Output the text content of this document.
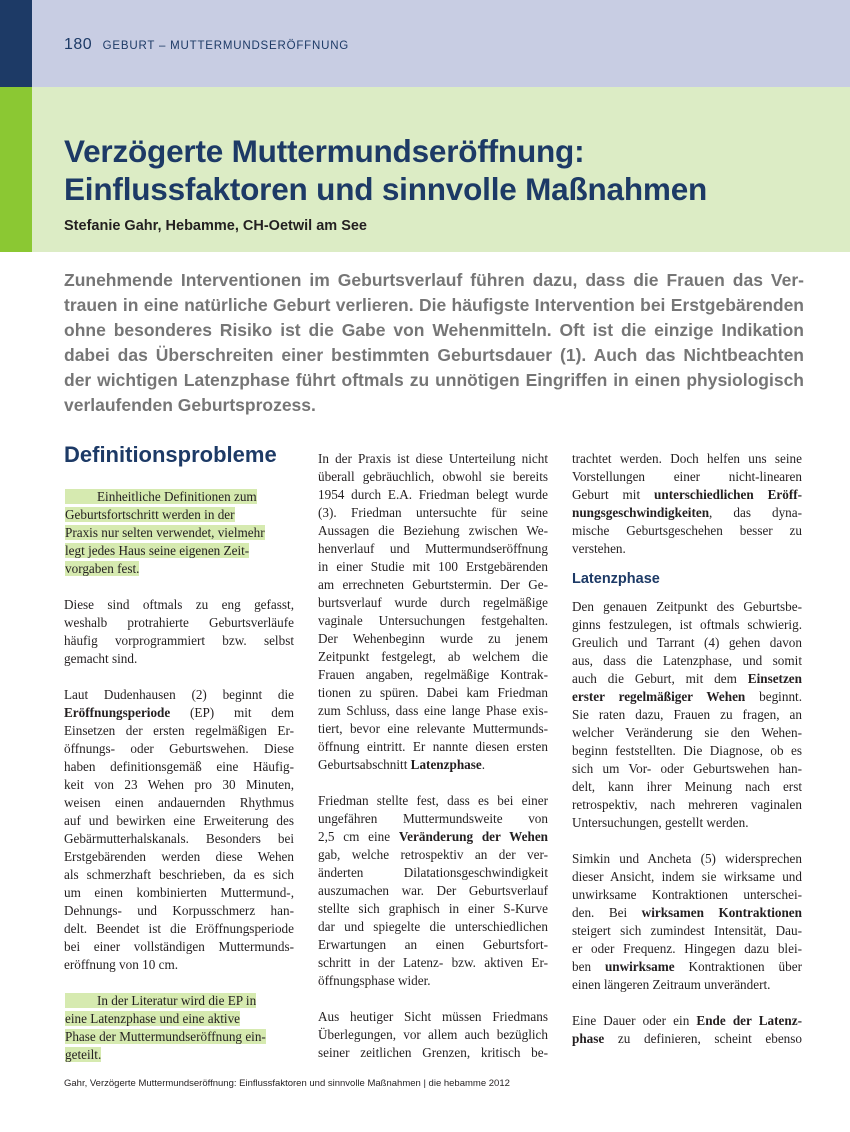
180 GEBURT – MUTTERMUNDSERÖFFNUNG
Verzögerte Muttermundseröffnung:
Einflussfaktoren und sinnvolle Maßnahmen
Stefanie Gahr, Hebamme, CH-Oetwil am See
Zunehmende Interventionen im Geburtsverlauf führen dazu, dass die Frauen das Ver-
trauen in eine natürliche Geburt verlieren. Die häufigste Intervention bei Erstgebärenden
ohne besonderes Risiko ist die Gabe von Wehenmitteln. Oft ist die einzige Indikation
dabei das Überschreiten einer bestimmten Geburtsdauer (1). Auch das Nichtbeachten
der wichtigen Latenzphase führt oftmals zu unnötigen Eingriffen in einen physiologisch
verlaufenden Geburtsprozess.
Definitionsprobleme
Einheitliche Definitionen zum
Geburtsfortschritt werden in der
Praxis nur selten verwendet, vielmehr
legt jedes Haus seine eigenen Zeit-
vorgaben fest.
Diese sind oftmals zu eng gefasst,
weshalb protrahierte Geburtsverläufe
häufig vorprogrammiert bzw. selbst
gemacht sind.
Laut Dudenhausen (2) beginnt die
Eröffnungsperiode (EP) mit dem
Einsetzen der ersten regelmäßigen Er-
öffnungs- oder Geburtswehen. Diese
haben definitionsgemäß eine Häufig-
keit von 23 Wehen pro 30 Minuten,
weisen einen andauernden Rhythmus
auf und bewirken eine Erweiterung des
Gebärmutterhalskanals. Besonders bei
Erstgebärenden werden diese Wehen
als schmerzhaft beschrieben, da es sich
um einen kombinierten Muttermund-,
Dehnungs- und Korpusschmerz han-
delt. Beendet ist die Eröffnungsperiode
bei einer vollständigen Muttermunds-
eröffnung von 10 cm.
In der Literatur wird die EP in
eine Latenzphase und eine aktive
Phase der Muttermundseröffnung ein-
geteilt.
In der Praxis ist diese Unterteilung nicht
überall gebräuchlich, obwohl sie bereits
1954 durch E.A. Friedman belegt wurde
(3). Friedman untersuchte für seine
Aussagen die Beziehung zwischen We-
henverlauf und Muttermundseröffnung
in einer Studie mit 100 Erstgebärenden
am errechneten Geburtstermin. Der Ge-
burtsverlauf wurde durch regelmäßige
vaginale Untersuchungen festgehalten.
Der Wehenbeginn wurde zu jenem
Zeitpunkt festgelegt, ab welchem die
Frauen angaben, regelmäßige Kontrak-
tionen zu spüren. Dabei kam Friedman
zum Schluss, dass eine lange Phase exis-
tiert, bevor eine relevante Muttermunds-
öffnung eintritt. Er nannte diesen ersten
Geburtsabschnitt Latenzphase.
Friedman stellte fest, dass es bei einer
ungefähren Muttermundsweite von
2,5 cm eine Veränderung der Wehen
gab, welche retrospektiv an der ver-
änderten Dilatationsgeschwindigkeit
auszumachen war. Der Geburtsverlauf
stellte sich graphisch in einer S-Kurve
dar und spiegelte die unterschiedlichen
Erwartungen an einen Geburtsfort-
schritt in der Latenz- bzw. aktiven Er-
öffnungsphase wider.
Aus heutiger Sicht müssen Friedmans
Überlegungen, vor allem auch bezüglich
seiner zeitlichen Grenzen, kritisch be-
trachtet werden. Doch helfen uns seine
Vorstellungen einer nicht-linearen
Geburt mit unterschiedlichen Eröff-
nungsgeschwindigkeiten, das dyna-
mische Geburtsgeschehen besser zu
verstehen.
Latenzphase
Den genauen Zeitpunkt des Geburtsbe-
ginns festzulegen, ist oftmals schwierig.
Greulich und Tarrant (4) gehen davon
aus, dass die Latenzphase, und somit
auch die Geburt, mit dem Einsetzen
erster regelmäßiger Wehen beginnt.
Sie raten dazu, Frauen zu fragen, an
welcher Veränderung sie den Wehen-
beginn feststellten. Die Diagnose, ob es
sich um Vor- oder Geburtswehen han-
delt, kann ihrer Meinung nach erst
retrospektiv, nach mehreren vaginalen
Untersuchungen, gestellt werden.
Simkin und Ancheta (5) widersprechen
dieser Ansicht, indem sie wirksame und
unwirksame Kontraktionen unterschei-
den. Bei wirksamen Kontraktionen
steigert sich zumindest Intensität, Dau-
er oder Frequenz. Hingegen dazu blei-
ben unwirksame Kontraktionen über
einen längeren Zeitraum unverändert.
Eine Dauer oder ein Ende der Latenz-
phase zu definieren, scheint ebenso
Gahr, Verzögerte Muttermundseröffnung: Einflussfaktoren und sinnvolle Maßnahmen | die hebamme 2012
